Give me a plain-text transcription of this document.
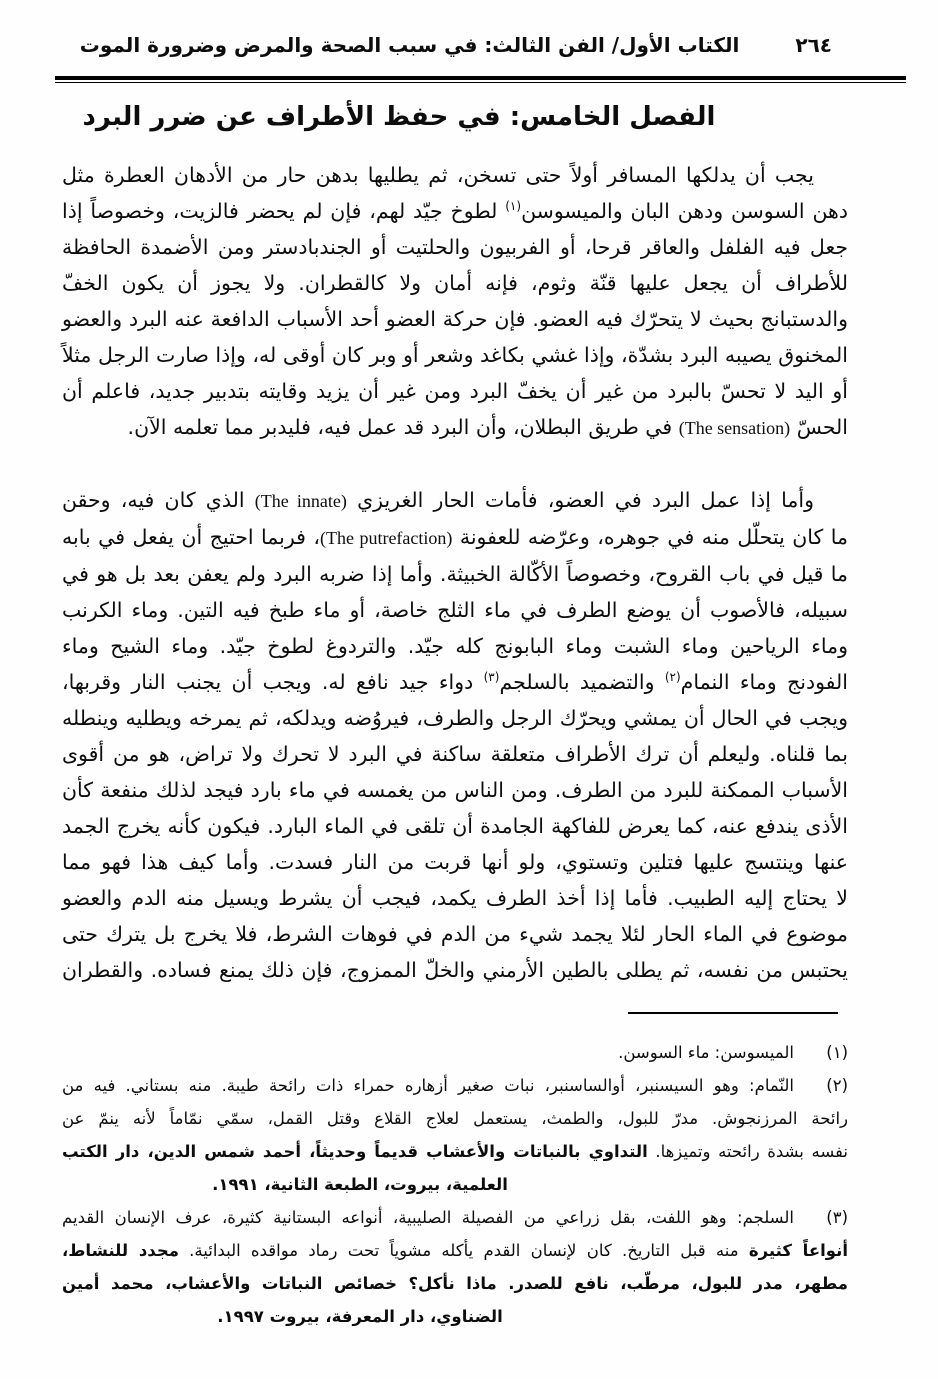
٢٦٤
الكتاب الأول/ الفن الثالث: في سبب الصحة والمرض وضرورة الموت
الفصل الخامس: في حفظ الأطراف عن ضرر البرد
يجب أن يدلكها المسافر أولاً حتى تسخن، ثم يطليها بدهن حار من الأدهان العطرة مثل
دهن السوسن ودهن البان والميسوسن$^{(١)}$ لطوخ جيّد لهم، فإن لم يحضر فالزيت، وخصوصاً إذا
جعل فيه الفلفل والعاقر قرحا، أو الفربيون والحلتيت أو الجندبادستر ومن الأضمدة الحافظة
للأطراف أن يجعل عليها قنّة وثوم، فإنه أمان ولا كالقطران. ولا يجوز أن يكون الخفّ
والدستبانج بحيث لا يتحرّك فيه العضو. فإن حركة العضو أحد الأسباب الدافعة عنه البرد والعضو
المخنوق يصيبه البرد بشدّة، وإذا غشي بكاغد وشعر أو وبر كان أوقى له، وإذا صارت الرجل مثلاً
أو اليد لا تحسّ بالبرد من غير أن يخفّ البرد ومن غير أن يزيد وقايته بتدبير جديد، فاعلم أن
الحسّ (The sensation) في طريق البطلان، وأن البرد قد عمل فيه، فليدبر مما تعلمه الآن.
وأما إذا عمل البرد في العضو، فأمات الحار الغريزي (The innate) الذي كان فيه، وحقن
ما كان يتحلّل منه في جوهره، وعرّضه للعفونة (The putrefaction)، فربما احتيج أن يفعل في بابه
ما قيل في باب القروح، وخصوصاً الأكّالة الخبيثة. وأما إذا ضربه البرد ولم يعفن بعد بل هو في
سبيله، فالأصوب أن يوضع الطرف في ماء الثلج خاصة، أو ماء طبخ فيه التين. وماء الكرنب
وماء الرياحين وماء الشبت وماء البابونج كله جيّد. والتردوغ لطوخ جيّد. وماء الشيح وماء
الفودنج وماء النمام$^{(٢)}$ والتضميد بالسلجم$^{(٣)}$ دواء جيد نافع له. ويجب أن يجنب النار وقربها،
ويجب في الحال أن يمشي ويحرّك الرجل والطرف، فيروُضه ويدلكه، ثم يمرخه ويطليه وينطله
بما قلناه. وليعلم أن ترك الأطراف متعلقة ساكنة في البرد لا تحرك ولا تراض، هو من أقوى
الأسباب الممكنة للبرد من الطرف. ومن الناس من يغمسه في ماء بارد فيجد لذلك منفعة كأن
الأذى يندفع عنه، كما يعرض للفاكهة الجامدة أن تلقى في الماء البارد. فيكون كأنه يخرج الجمد
عنها وينتسج عليها فتلين وتستوي، ولو أنها قربت من النار فسدت. وأما كيف هذا فهو مما
لا يحتاج إليه الطبيب. فأما إذا أخذ الطرف يكمد، فيجب أن يشرط ويسيل منه الدم والعضو
موضوع في الماء الحار لئلا يجمد شيء من الدم في فوهات الشرط، فلا يخرج بل يترك حتى
يحتبس من نفسه، ثم يطلى بالطين الأرمني والخلّ الممزوج، فإن ذلك يمنع فساده. والقطران
(١)
الميسوسن: ماء السوسن.
(٢)
النّمام: وهو السيسنبر، أوالساسنبر، نبات صغير أزهاره حمراء ذات رائحة طيبة. منه بستاني. فيه من
رائحة المرزنجوش. مدرّ للبول، والطمث، يستعمل لعلاج القلاع وقتل القمل، سمّي نمّاماً لأنه ينمّ عن
نفسه بشدة رائحته وتميزها. التداوي بالنباتات والأعشاب قديماً وحديثاً، أحمد شمس الدين، دار الكتب
العلمية، بيروت، الطبعة الثانية، ١٩٩١.
(٣)
السلجم: وهو اللفت، بقل زراعي من الفصيلة الصليبية، أنواعه البستانية كثيرة، عرف الإنسان القديم
أنواعاً كثيرة منه قبل التاريخ. كان لإنسان القدم يأكله مشوياً تحت رماد مواقده البدائية. مجدد للنشاط،
مطهر، مدر للبول، مرطّب، نافع للصدر. ماذا نأكل؟ خصائص النباتات والأعشاب، محمد أمين
الضناوي، دار المعرفة، بيروت ١٩٩٧.
